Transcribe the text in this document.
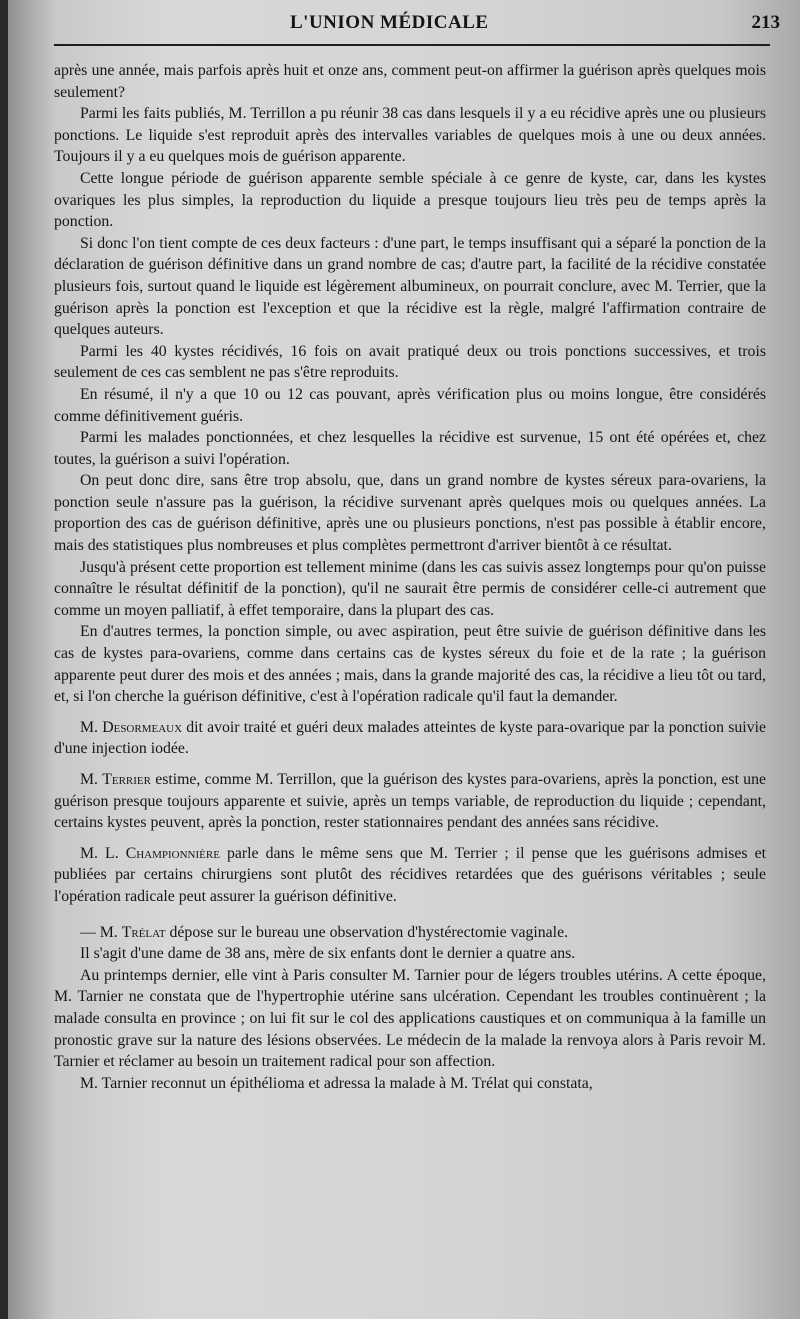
L'UNION MÉDICALE	213

après une année, mais parfois après huit et onze ans, comment peut-on affirmer la guérison après quelques mois seulement?

Parmi les faits publiés, M. Terrillon a pu réunir 38 cas dans lesquels il y a eu récidive après une ou plusieurs ponctions. Le liquide s'est reproduit après des intervalles variables de quelques mois à une ou deux années. Toujours il y a eu quelques mois de guérison apparente.

Cette longue période de guérison apparente semble spéciale à ce genre de kyste, car, dans les kystes ovariques les plus simples, la reproduction du liquide a presque toujours lieu très peu de temps après la ponction.

Si donc l'on tient compte de ces deux facteurs : d'une part, le temps insuffisant qui a séparé la ponction de la déclaration de guérison définitive dans un grand nombre de cas; d'autre part, la facilité de la récidive constatée plusieurs fois, surtout quand le liquide est légèrement albumineux, on pourrait conclure, avec M. Terrier, que la guérison après la ponction est l'exception et que la récidive est la règle, malgré l'affirmation contraire de quelques auteurs.

Parmi les 40 kystes récidivés, 16 fois on avait pratiqué deux ou trois ponctions successives, et trois seulement de ces cas semblent ne pas s'être reproduits.

En résumé, il n'y a que 10 ou 12 cas pouvant, après vérification plus ou moins longue, être considérés comme définitivement guéris.

Parmi les malades ponctionnées, et chez lesquelles la récidive est survenue, 15 ont été opérées et, chez toutes, la guérison a suivi l'opération.

On peut donc dire, sans être trop absolu, que, dans un grand nombre de kystes séreux para-ovariens, la ponction seule n'assure pas la guérison, la récidive survenant après quelques mois ou quelques années. La proportion des cas de guérison définitive, après une ou plusieurs ponctions, n'est pas possible à établir encore, mais des statistiques plus nombreuses et plus complètes permettront d'arriver bientôt à ce résultat.

Jusqu'à présent cette proportion est tellement minime (dans les cas suivis assez longtemps pour qu'on puisse connaître le résultat définitif de la ponction), qu'il ne saurait être permis de considérer celle-ci autrement que comme un moyen palliatif, à effet temporaire, dans la plupart des cas.

En d'autres termes, la ponction simple, ou avec aspiration, peut être suivie de guérison définitive dans les cas de kystes para-ovariens, comme dans certains cas de kystes séreux du foie et de la rate ; la guérison apparente peut durer des mois et des années ; mais, dans la grande majorité des cas, la récidive a lieu tôt ou tard, et, si l'on cherche la guérison définitive, c'est à l'opération radicale qu'il faut la demander.

M. Desormeaux dit avoir traité et guéri deux malades atteintes de kyste para-ovarique par la ponction suivie d'une injection iodée.

M. Terrier estime, comme M. Terrillon, que la guérison des kystes para-ovariens, après la ponction, est une guérison presque toujours apparente et suivie, après un temps variable, de reproduction du liquide ; cependant, certains kystes peuvent, après la ponction, rester stationnaires pendant des années sans récidive.

M. L. Championnière parle dans le même sens que M. Terrier ; il pense que les guérisons admises et publiées par certains chirurgiens sont plutôt des récidives retardées que des guérisons véritables ; seule l'opération radicale peut assurer la guérison définitive.

— M. Trélat dépose sur le bureau une observation d'hystérectomie vaginale.

Il s'agit d'une dame de 38 ans, mère de six enfants dont le dernier a quatre ans.

Au printemps dernier, elle vint à Paris consulter M. Tarnier pour de légers troubles utérins. A cette époque, M. Tarnier ne constata que de l'hypertrophie utérine sans ulcération. Cependant les troubles continuèrent ; la malade consulta en province ; on lui fit sur le col des applications caustiques et on communiqua à la famille un pronostic grave sur la nature des lésions observées. Le médecin de la malade la renvoya alors à Paris revoir M. Tarnier et réclamer au besoin un traitement radical pour son affection.

M. Tarnier reconnut un épithélioma et adressa la malade à M. Trélat qui constata,
